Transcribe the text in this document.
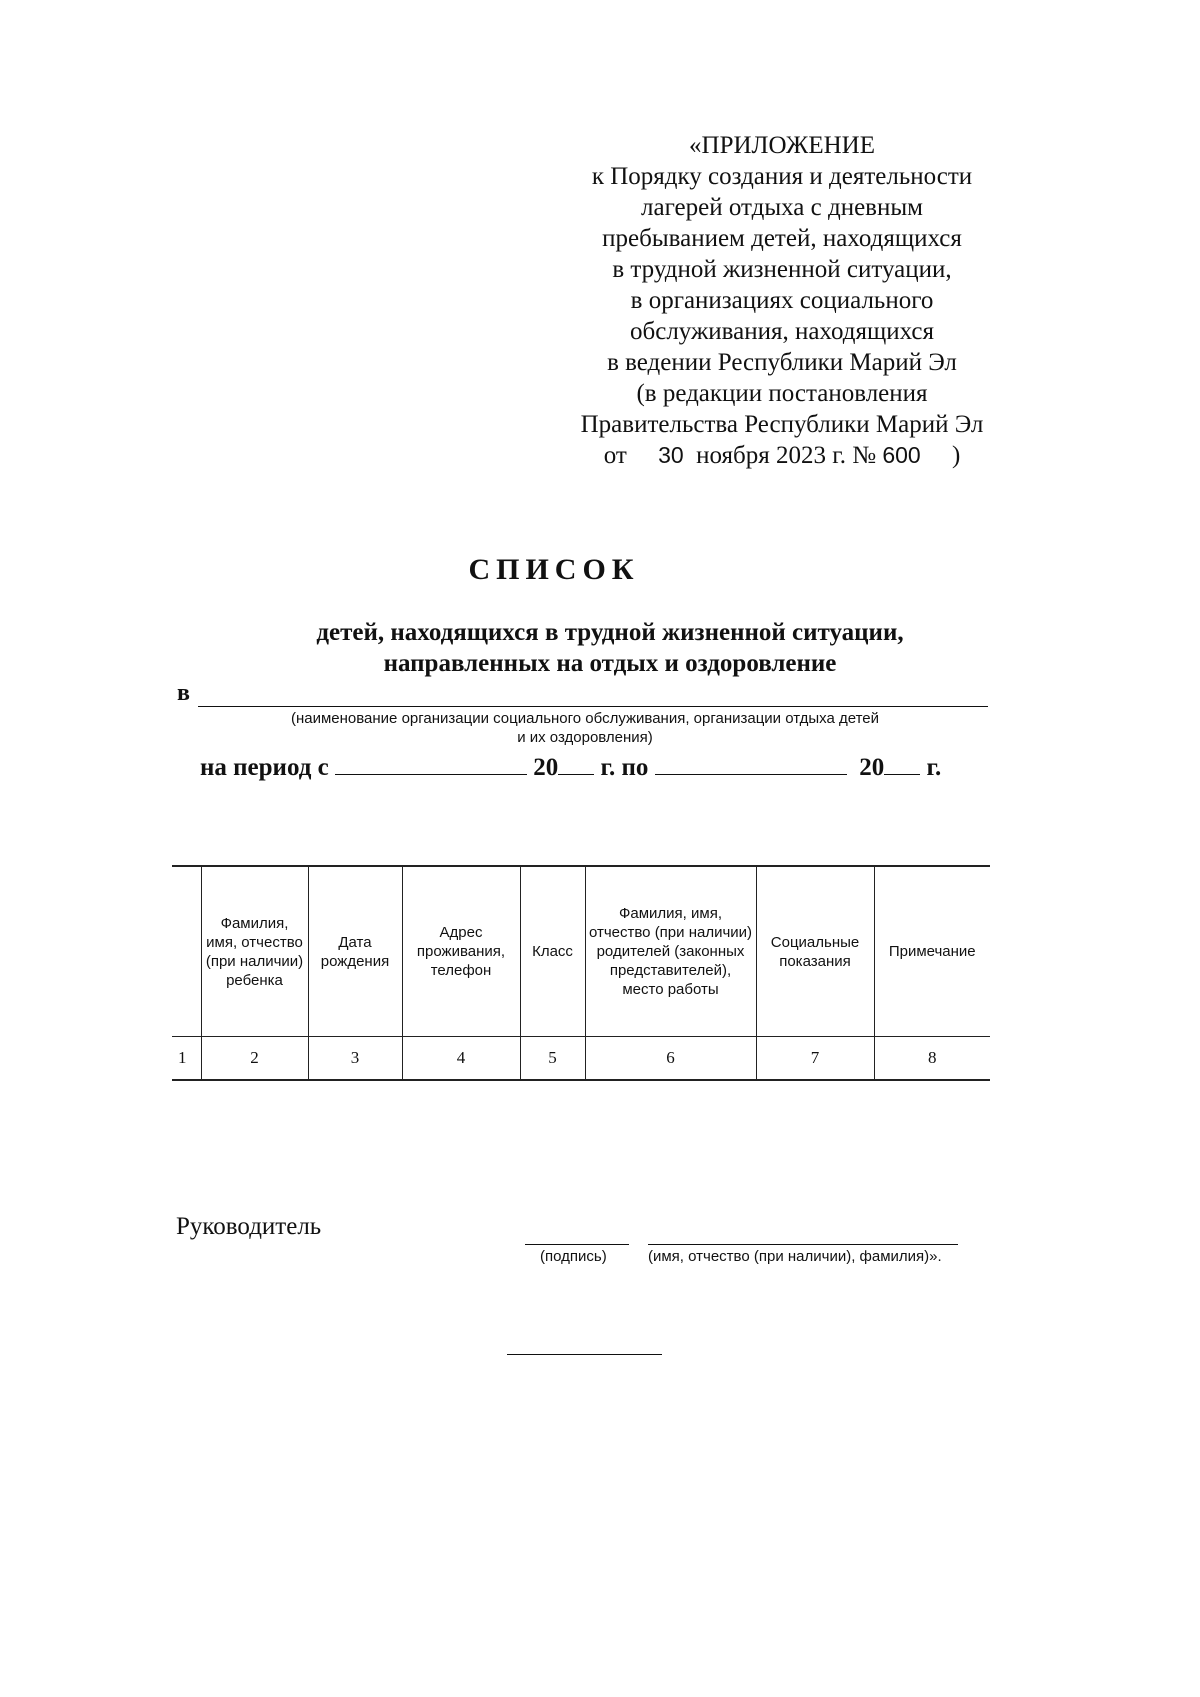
«ПРИЛОЖЕНИЕ
к Порядку создания и деятельности
лагерей отдыха с дневным
пребыванием детей, находящихся
в трудной жизненной ситуации,
в организациях социального
обслуживания, находящихся
в ведении Республики Марий Эл
(в редакции постановления
Правительства Республики Марий Эл
от 30 ноября 2023 г. № 600 )
СПИСОК
детей, находящихся в трудной жизненной ситуации,
направленных на отдых и оздоровление
в
(наименование организации социального обслуживания, организации отдыха детей
и их оздоровления)
на период с	20 г. по	20 г.
	Фамилия, имя, отчество (при наличии) ребенка	Дата рождения	Адрес проживания, телефон	Класс	Фамилия, имя, отчество (при наличии) родителей (законных представителей), место работы	Социальные показания	Примечание
1	2	3	4	5	6	7	8
Руководитель
(подпись)	(имя, отчество (при наличии), фамилия)».
